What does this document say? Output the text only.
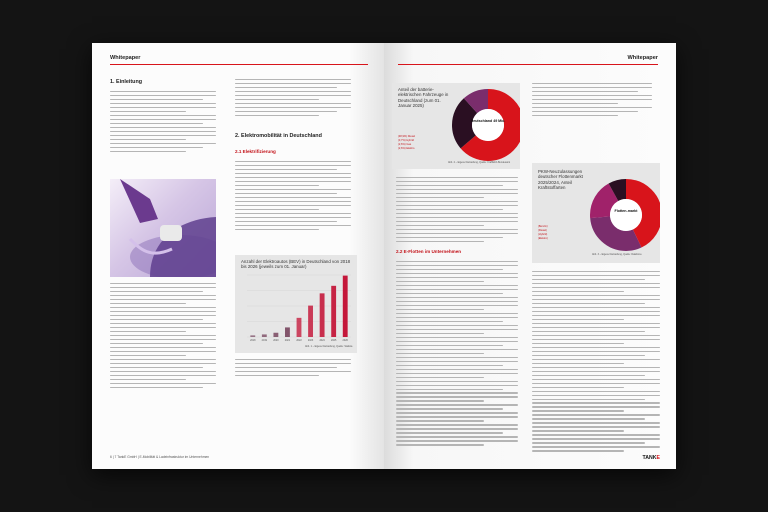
Whitepaper
1. Einleitung
2. Elektromobilität in Deutschland
2.1 Elektrifizierung
Anzahl der Elektroautos (BEV) in Deutschland von 2018 bis 2026 (jeweils zum 01. Januar)
2018	2019	2020	2021	2022	2023	2024	2025	2026
Abb. 1 – Eigene Darstellung, Quelle: Statista
6 | 7 TankE GmbH | E-Mobilität & Ladeinfrastruktur im Unternehmen
Whitepaper
Anteil der batterie-elektrischen Fahrzeuge in Deutschland (zum 01. Januar 2025)
(48,9%) Diesel
(3,7%) Hybrid
(2,6%) Gas
(2,6%) Elektro
Deutschland 49 Mio.
Abb. 2 – Eigene Darstellung, Quelle: Kraftfahrt-Bundesamt
PKW-Neuzulassungen deutscher Flottenmarkt 2025/2024, Anteil Kraftstoffarten
(Benzin)
(Diesel)
(Hybrid)
(Elektro)
Flotten-markt
Abb. 3 – Eigene Darstellung, Quelle: Dataforce
2.2 E-Flotten im Unternehmen
TANKE
